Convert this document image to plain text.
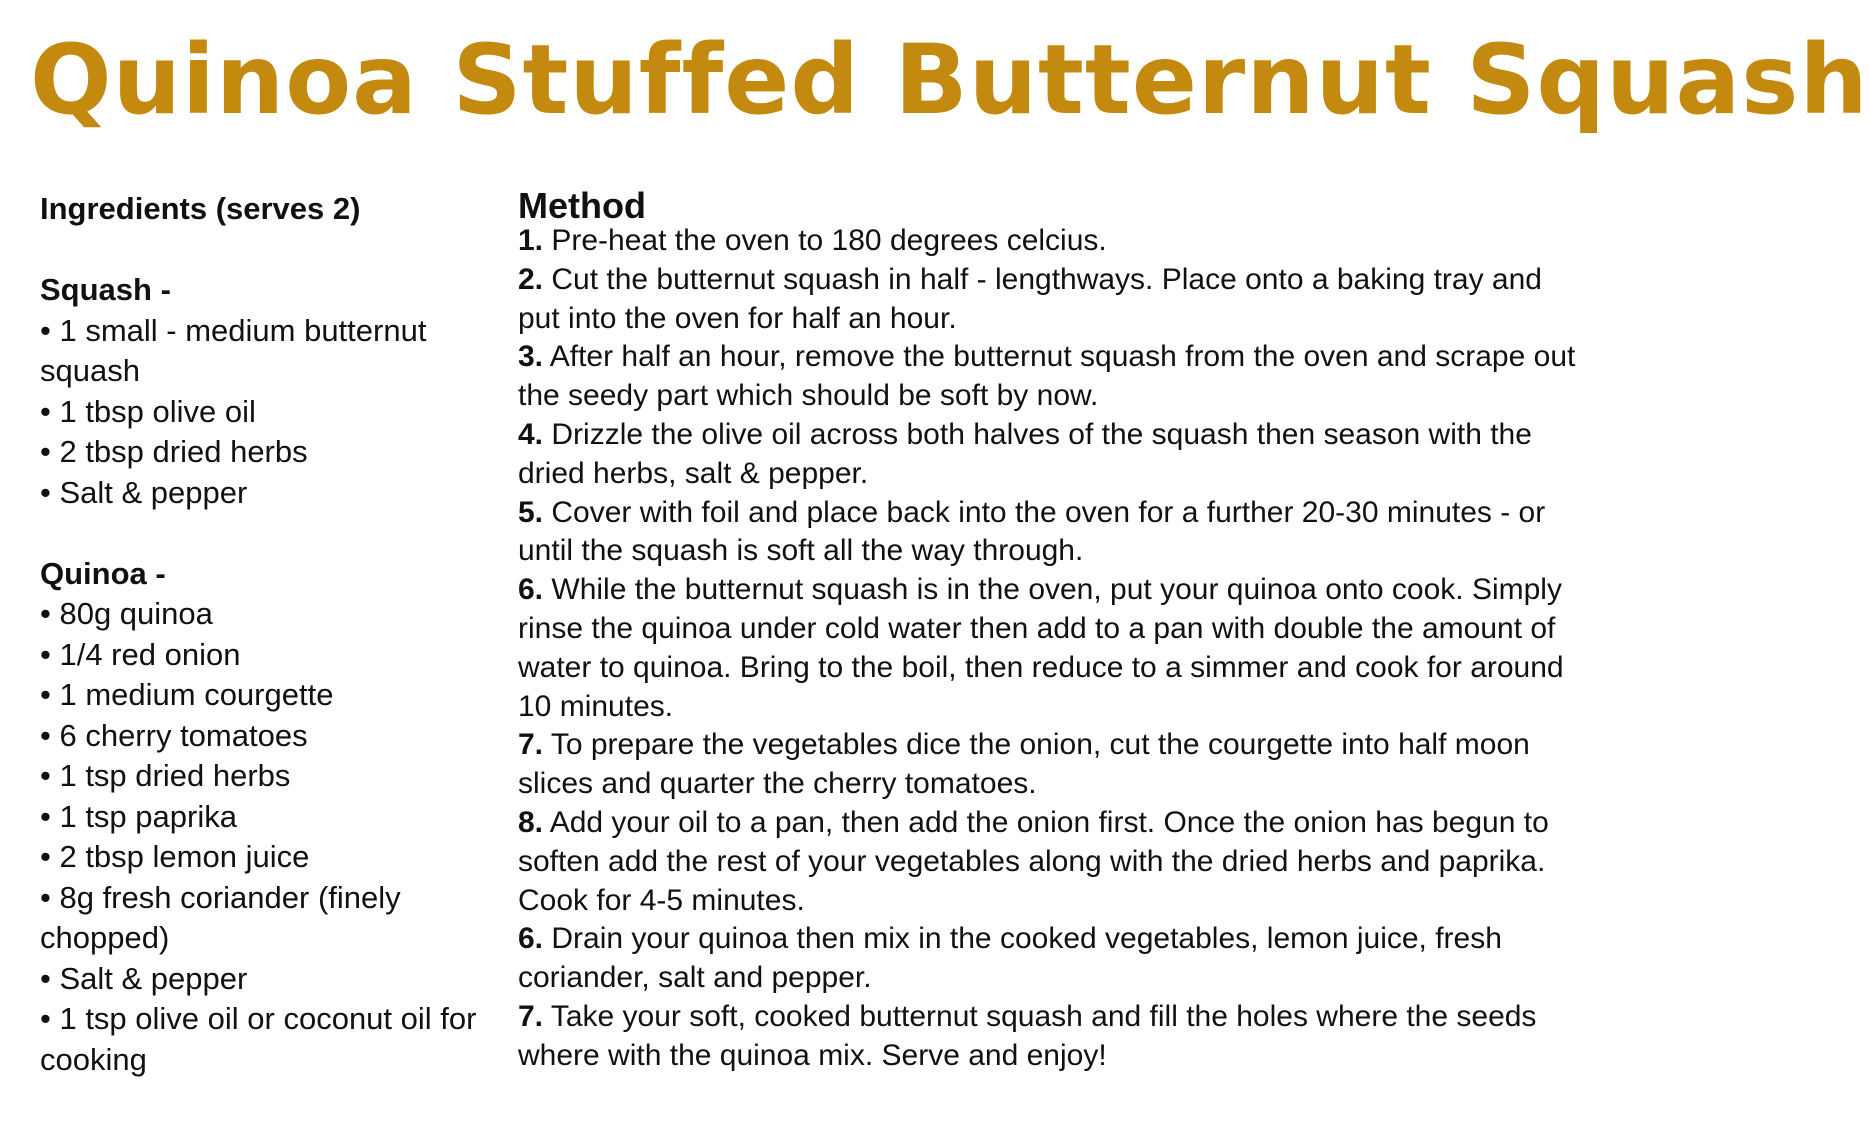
Quinoa Stuffed Butternut Squash
Ingredients (serves 2)
Squash -
• 1 small - medium butternut squash
• 1 tbsp olive oil
• 2 tbsp dried herbs
• Salt & pepper
Quinoa -
• 80g quinoa
• 1/4 red onion
• 1 medium courgette
• 6 cherry tomatoes
• 1 tsp dried herbs
• 1 tsp paprika
• 2 tbsp lemon juice
• 8g fresh coriander (finely chopped)
• Salt & pepper
• 1 tsp olive oil or coconut oil for cooking
Method
1. Pre-heat the oven to 180 degrees celcius.
2. Cut the butternut squash in half - lengthways. Place onto a baking tray and put into the oven for half an hour.
3. After half an hour, remove the butternut squash from the oven and scrape out the seedy part which should be soft by now.
4. Drizzle the olive oil across both halves of the squash then season with the dried herbs, salt & pepper.
5. Cover with foil and place back into the oven for a further 20-30 minutes - or until the squash is soft all the way through.
6. While the butternut squash is in the oven, put your quinoa onto cook. Simply rinse the quinoa under cold water then add to a pan with double the amount of water to quinoa. Bring to the boil, then reduce to a simmer and cook for around 10 minutes.
7. To prepare the vegetables dice the onion, cut the courgette into half moon slices and quarter the cherry tomatoes.
8. Add your oil to a pan, then add the onion first. Once the onion has begun to soften add the rest of your vegetables along with the dried herbs and paprika. Cook for 4-5 minutes.
6. Drain your quinoa then mix in the cooked vegetables, lemon juice, fresh coriander, salt and pepper.
7. Take your soft, cooked butternut squash and fill the holes where the seeds where with the quinoa mix. Serve and enjoy!
